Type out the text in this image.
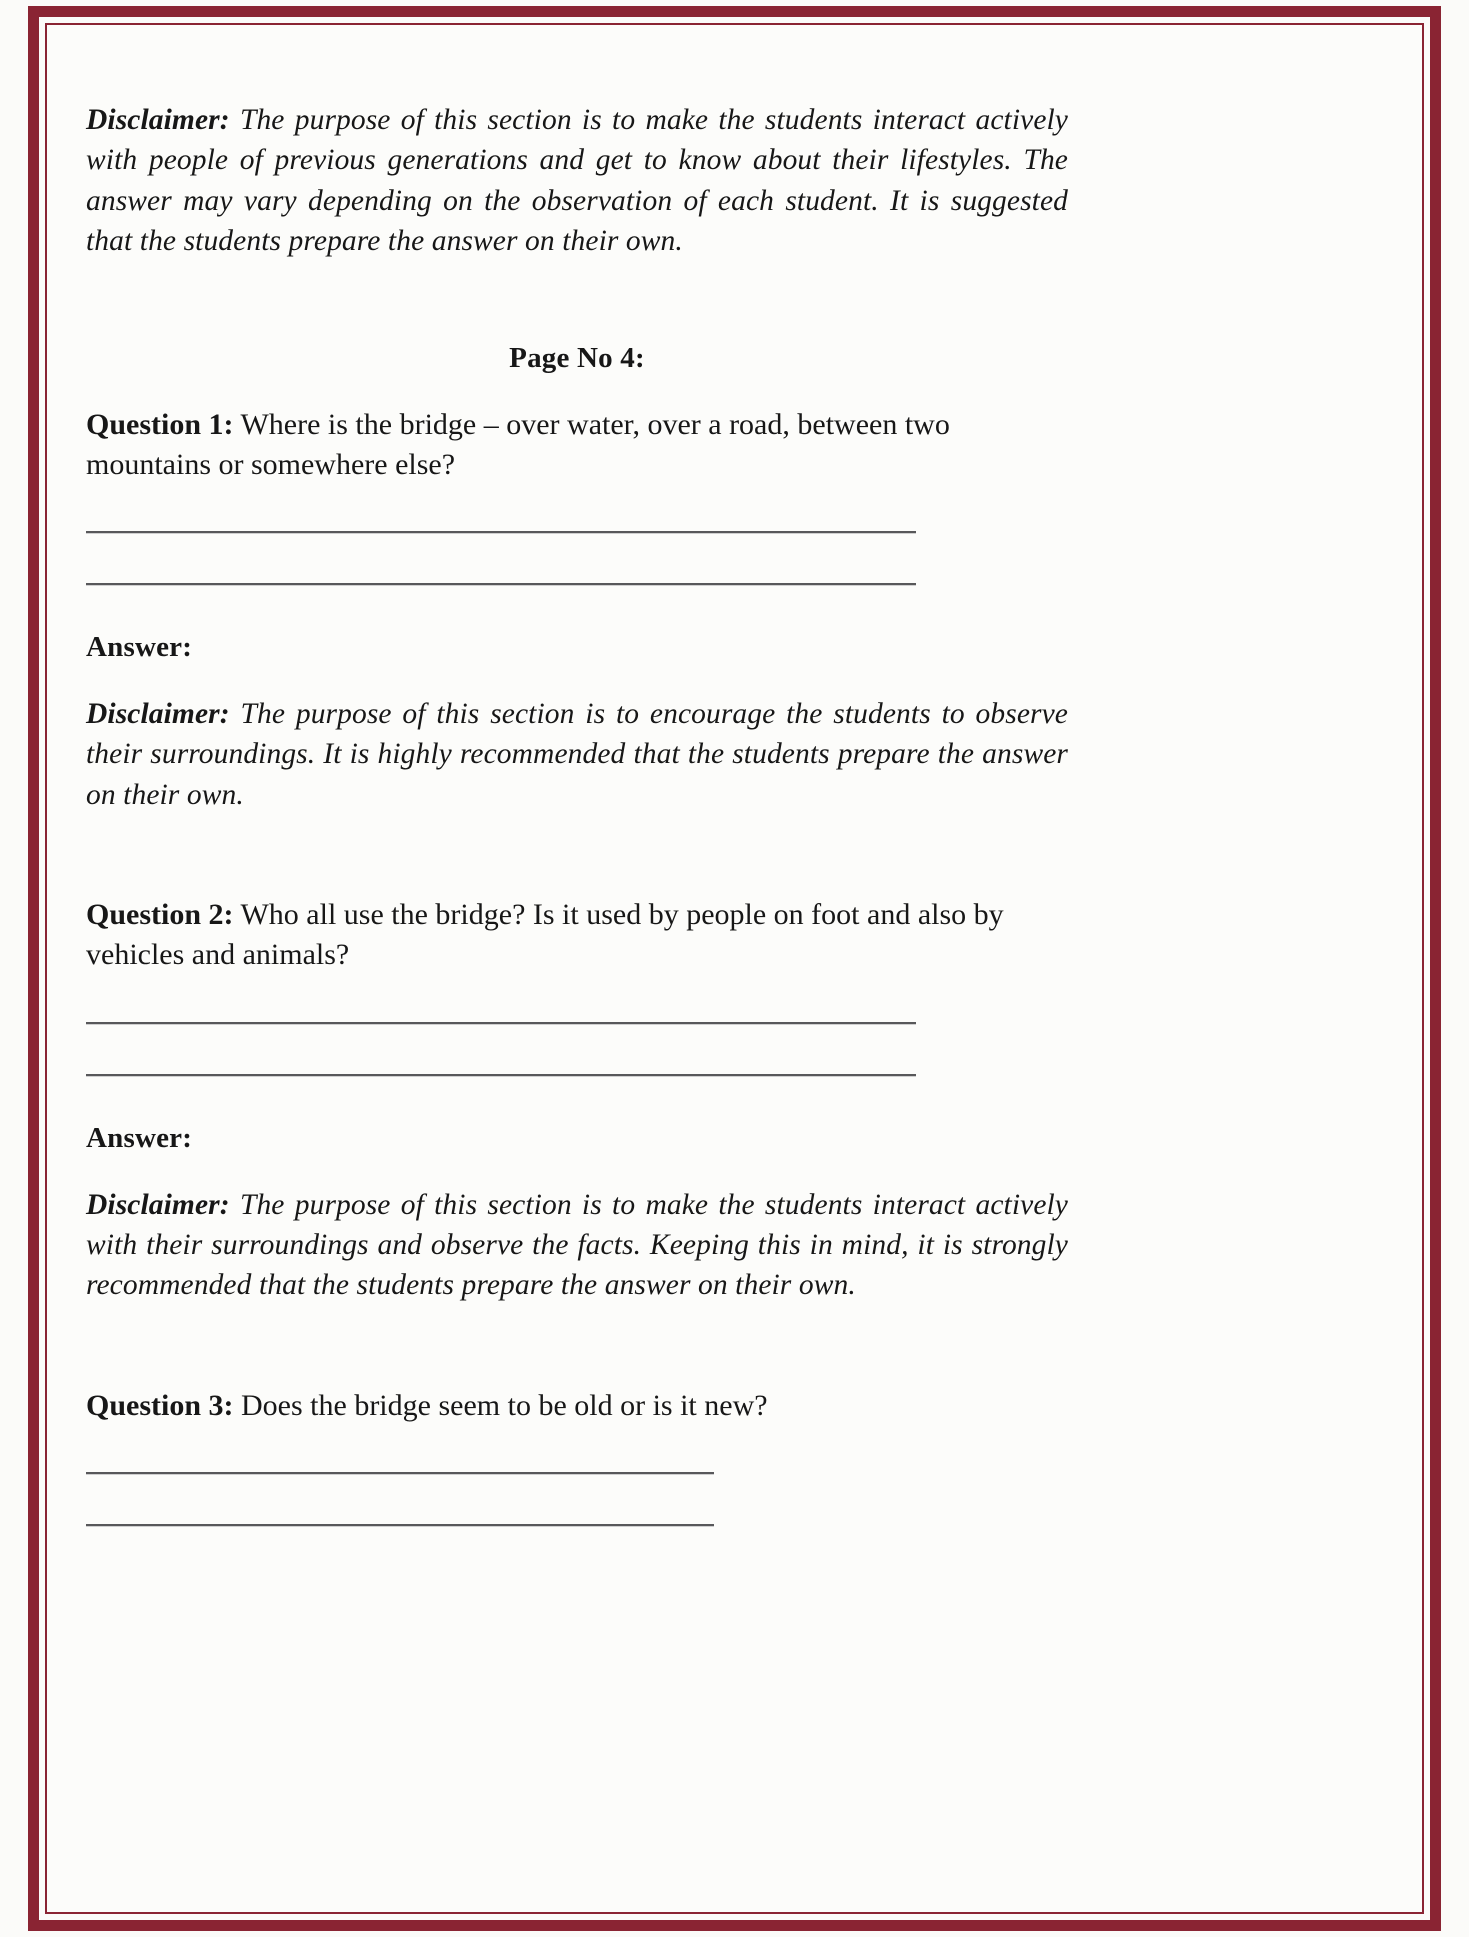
Disclaimer: The purpose of this section is to make the students interact actively with people of previous generations and get to know about their lifestyles. The answer may vary depending on the observation of each student. It is suggested that the students prepare the answer on their own.

Page No 4:

Question 1: Where is the bridge – over water, over a road, between two mountains or somewhere else?

Answer:

Disclaimer: The purpose of this section is to encourage the students to observe their surroundings. It is highly recommended that the students prepare the answer on their own.

Question 2: Who all use the bridge? Is it used by people on foot and also by vehicles and animals?

Answer:

Disclaimer: The purpose of this section is to make the students interact actively with their surroundings and observe the facts. Keeping this in mind, it is strongly recommended that the students prepare the answer on their own.

Question 3: Does the bridge seem to be old or is it new?
